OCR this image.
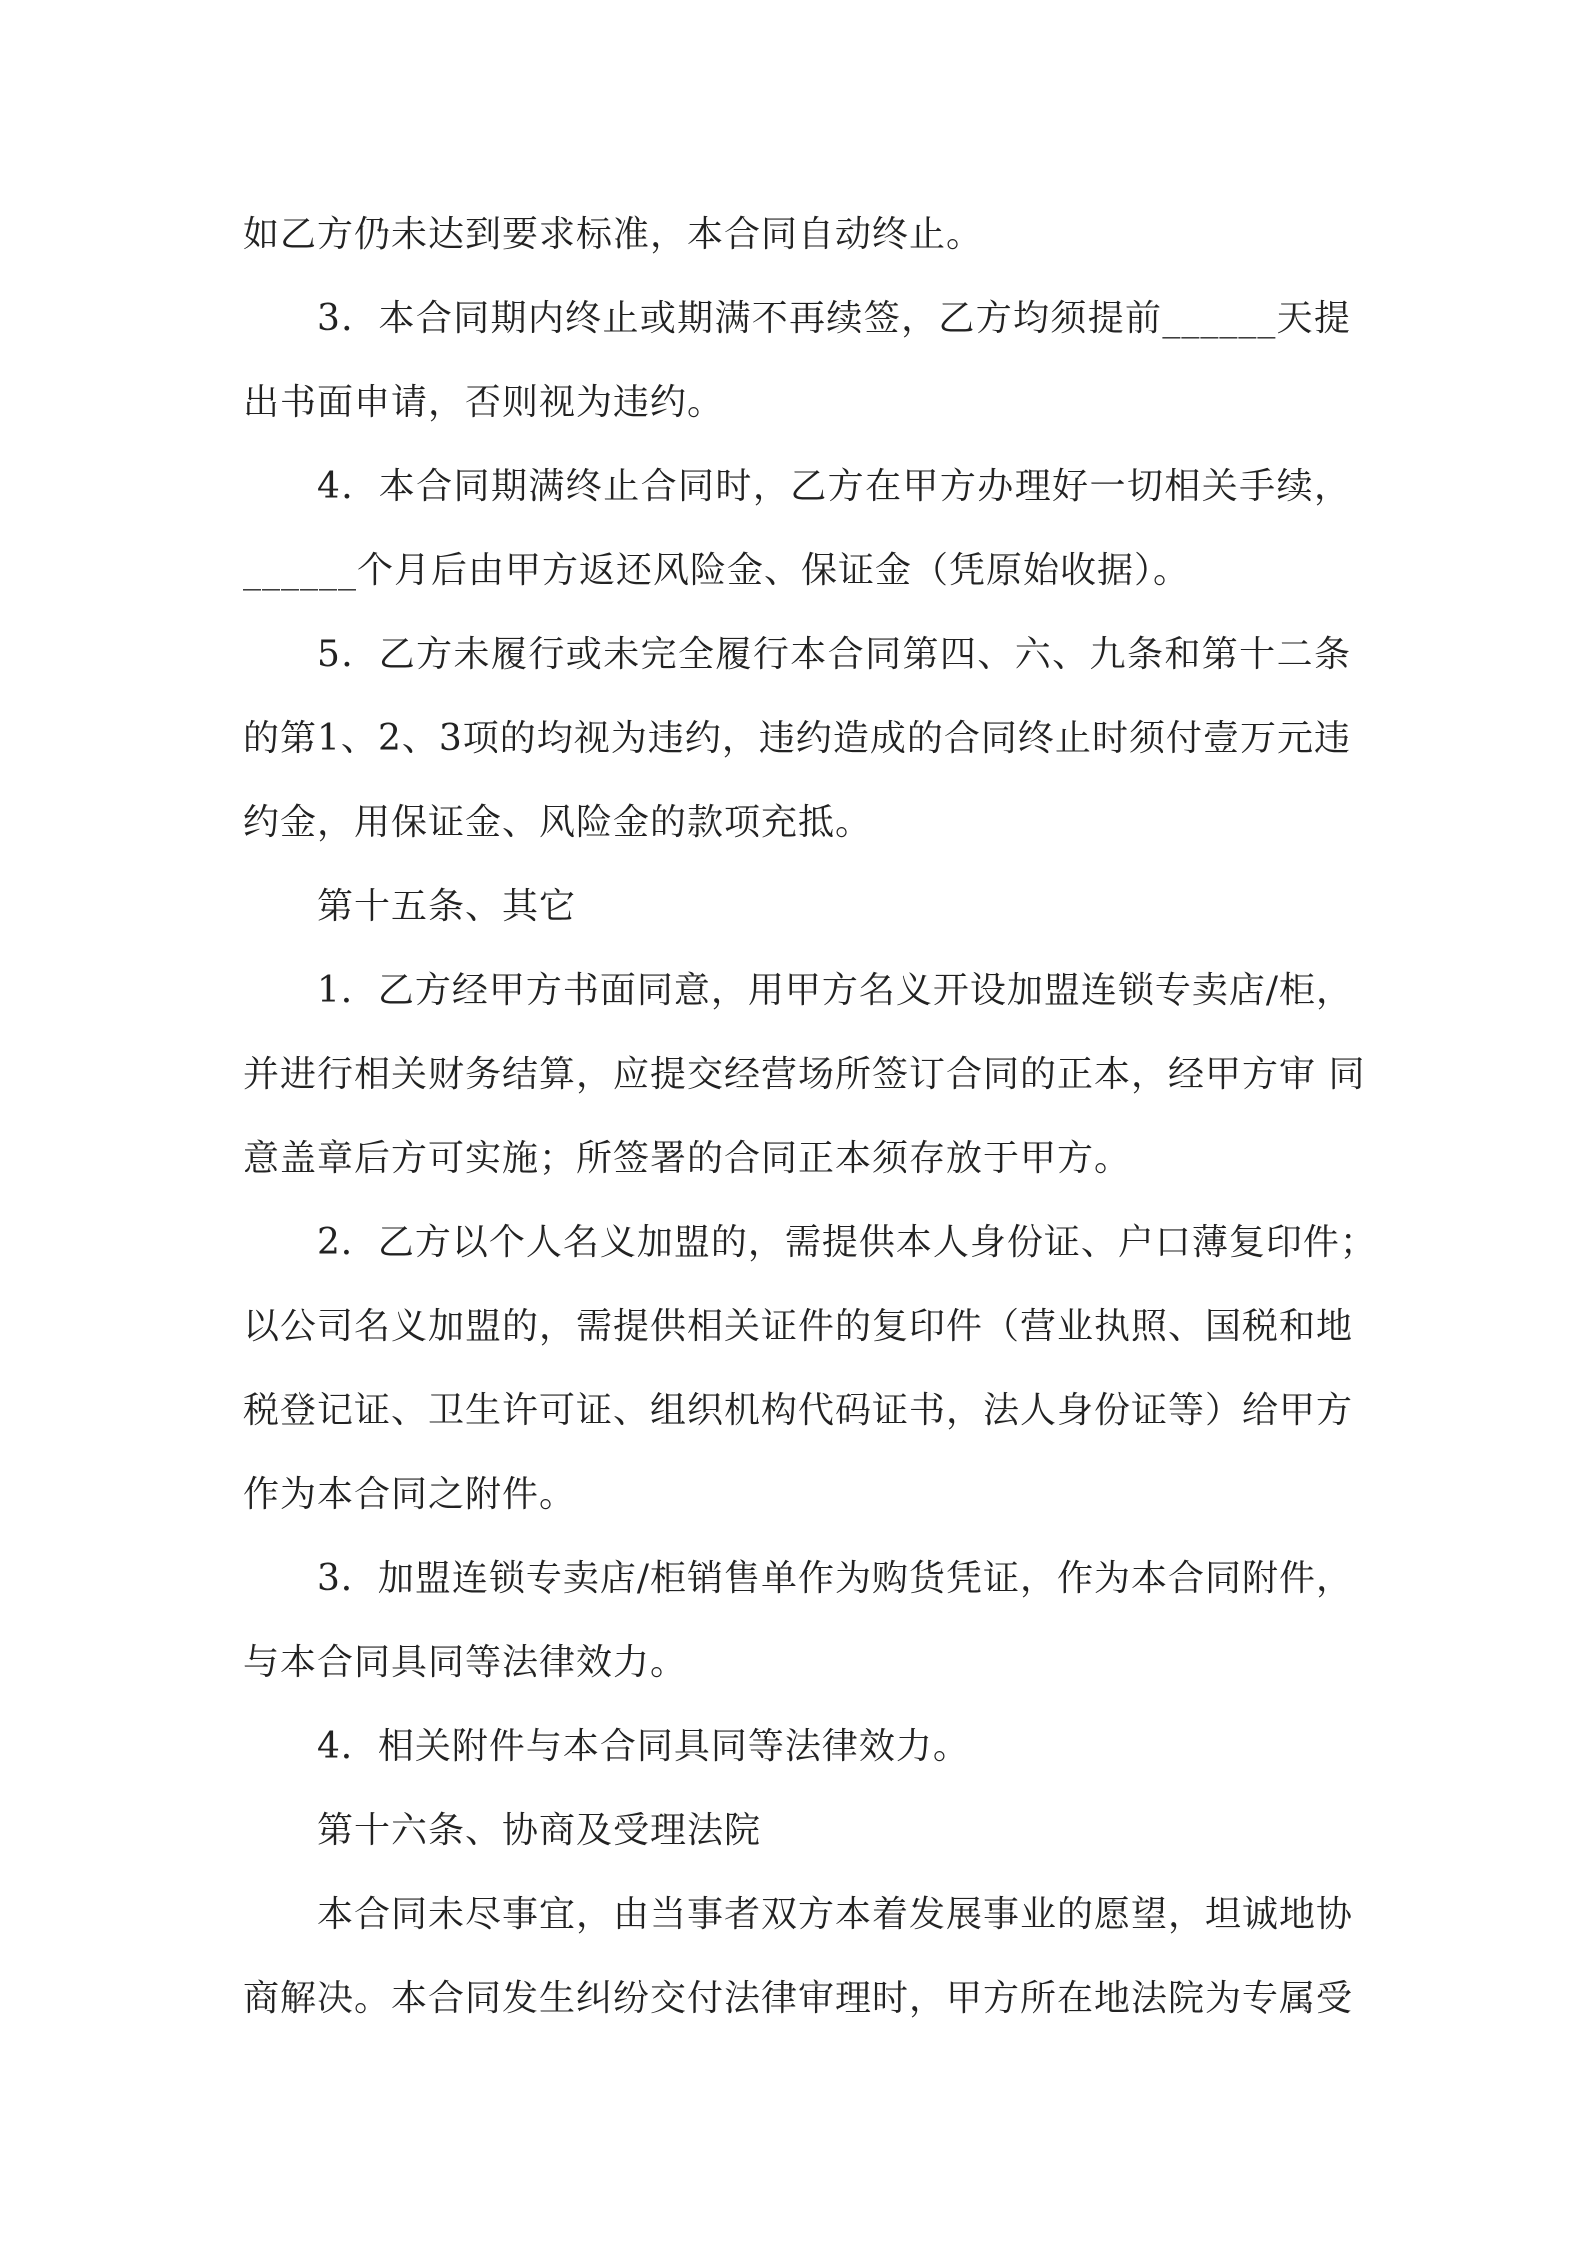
如乙方仍未达到要求标准，本合同自动终止。
3．本合同期内终止或期满不再续签，乙方均须提前______天提
出书面申请，否则视为违约。
4．本合同期满终止合同时，乙方在甲方办理好一切相关手续，
______个月后由甲方返还风险金、保证金（凭原始收据）。
5．乙方未履行或未完全履行本合同第四、六、九条和第十二条
的第1、2、3项的均视为违约，违约造成的合同终止时须付壹万元违
约金，用保证金、风险金的款项充抵。
第十五条、其它
1．乙方经甲方书面同意，用甲方名义开设加盟连锁专卖店/柜，
并进行相关财务结算，应提交经营场所签订合同的正本，经甲方审 同
意盖章后方可实施；所签署的合同正本须存放于甲方。
2．乙方以个人名义加盟的，需提供本人身份证、户口薄复印件；
以公司名义加盟的，需提供相关证件的复印件（营业执照、国税和地
税登记证、卫生许可证、组织机构代码证书，法人身份证等）给甲方
作为本合同之附件。
3．加盟连锁专卖店/柜销售单作为购货凭证，作为本合同附件，
与本合同具同等法律效力。
4．相关附件与本合同具同等法律效力。
第十六条、协商及受理法院
本合同未尽事宜，由当事者双方本着发展事业的愿望，坦诚地协
商解决。本合同发生纠纷交付法律审理时，甲方所在地法院为专属受
